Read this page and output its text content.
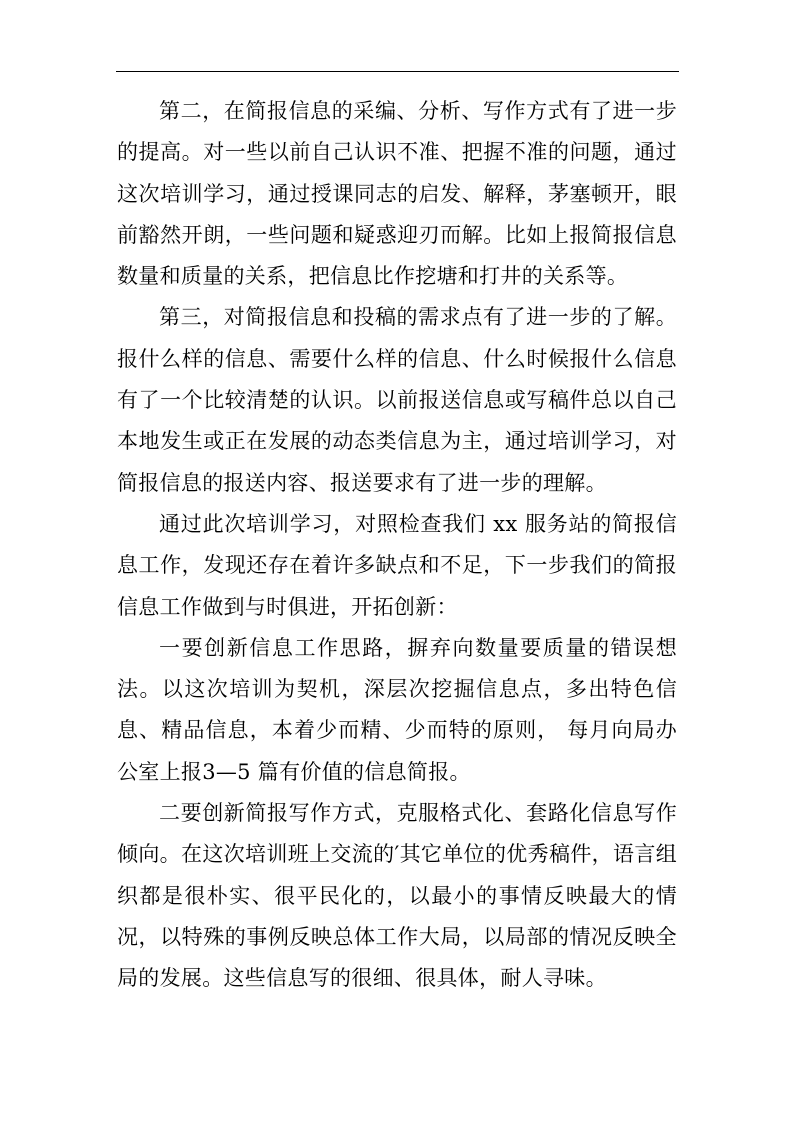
第二，在简报信息的采编、分析、写作方式有了进一步的提高。对一些以前自己认识不准、把握不准的问题，通过这次培训学习，通过授课同志的启发、解释，茅塞顿开，眼前豁然开朗，一些问题和疑惑迎刃而解。比如上报简报信息数量和质量的关系，把信息比作挖塘和打井的关系等。

第三，对简报信息和投稿的需求点有了进一步的了解。报什么样的信息、需要什么样的信息、什么时候报什么信息有了一个比较清楚的认识。以前报送信息或写稿件总以自己本地发生或正在发展的动态类信息为主，通过培训学习，对简报信息的报送内容、报送要求有了进一步的理解。

通过此次培训学习，对照检查我们 xx 服务站的简报信息工作，发现还存在着许多缺点和不足，下一步我们的简报信息工作做到与时俱进，开拓创新：

一要创新信息工作思路，摒弃向数量要质量的错误想法。以这次培训为契机，深层次挖掘信息点，多出特色信息、精品信息，本着少而精、少而特的原则， 每月向局办公室上报3—5 篇有价值的信息简报。

二要创新简报写作方式，克服格式化、套路化信息写作倾向。在这次培训班上交流的′其它单位的优秀稿件，语言组织都是很朴实、很平民化的，以最小的事情反映最大的情况，以特殊的事例反映总体工作大局，以局部的情况反映全局的发展。这些信息写的很细、很具体，耐人寻味。
